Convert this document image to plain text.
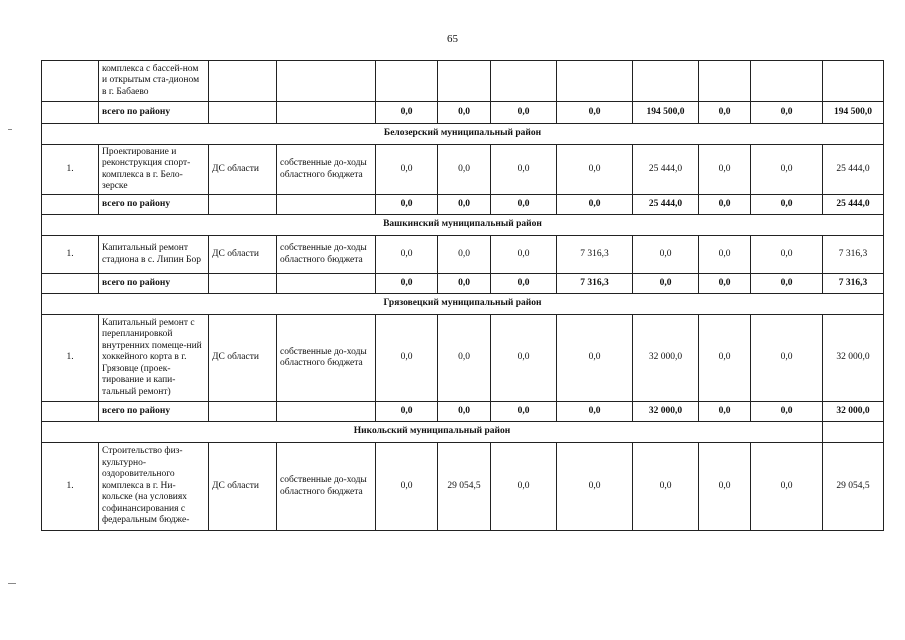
65
	комплекса с бассей-ном и открытым ста-дионом в г. Бабаево										
	всего по району			0,0	0,0	0,0	0,0	194 500,0	0,0	0,0	194 500,0
Белозерский муниципальный район											
1.	Проектирование и реконструкция спорт-комплекса в г. Бело-зерске	ДС области	собственные до-ходы областного бюджета	0,0	0,0	0,0	0,0	25 444,0	0,0	0,0	25 444,0
	всего по району			0,0	0,0	0,0	0,0	25 444,0	0,0	0,0	25 444,0
Вашкинский муниципальный район											
1.	Капитальный ремонт стадиона в с. Липин Бор	ДС области	собственные до-ходы областного бюджета	0,0	0,0	0,0	7 316,3	0,0	0,0	0,0	7 316,3
	всего по району			0,0	0,0	0,0	7 316,3	0,0	0,0	0,0	7 316,3
Грязовецкий муниципальный район											
1.	Капитальный ремонт с перепланировкой внутренних помеще-ний хоккейного корта в г. Грязовце (проек-тирование и капи-тальный ремонт)	ДС области	собственные до-ходы областного бюджета	0,0	0,0	0,0	0,0	32 000,0	0,0	0,0	32 000,0
	всего по району			0,0	0,0	0,0	0,0	32 000,0	0,0	0,0	32 000,0
Никольский муниципальный район											
1.	Строительство физ-культурно-оздоровительного комплекса в г. Ни-кольске (на условиях софинансирования с федеральным бюдже-	ДС области	собственные до-ходы областного бюджета	0,0	29 054,5	0,0	0,0	0,0	0,0	0,0	29 054,5
